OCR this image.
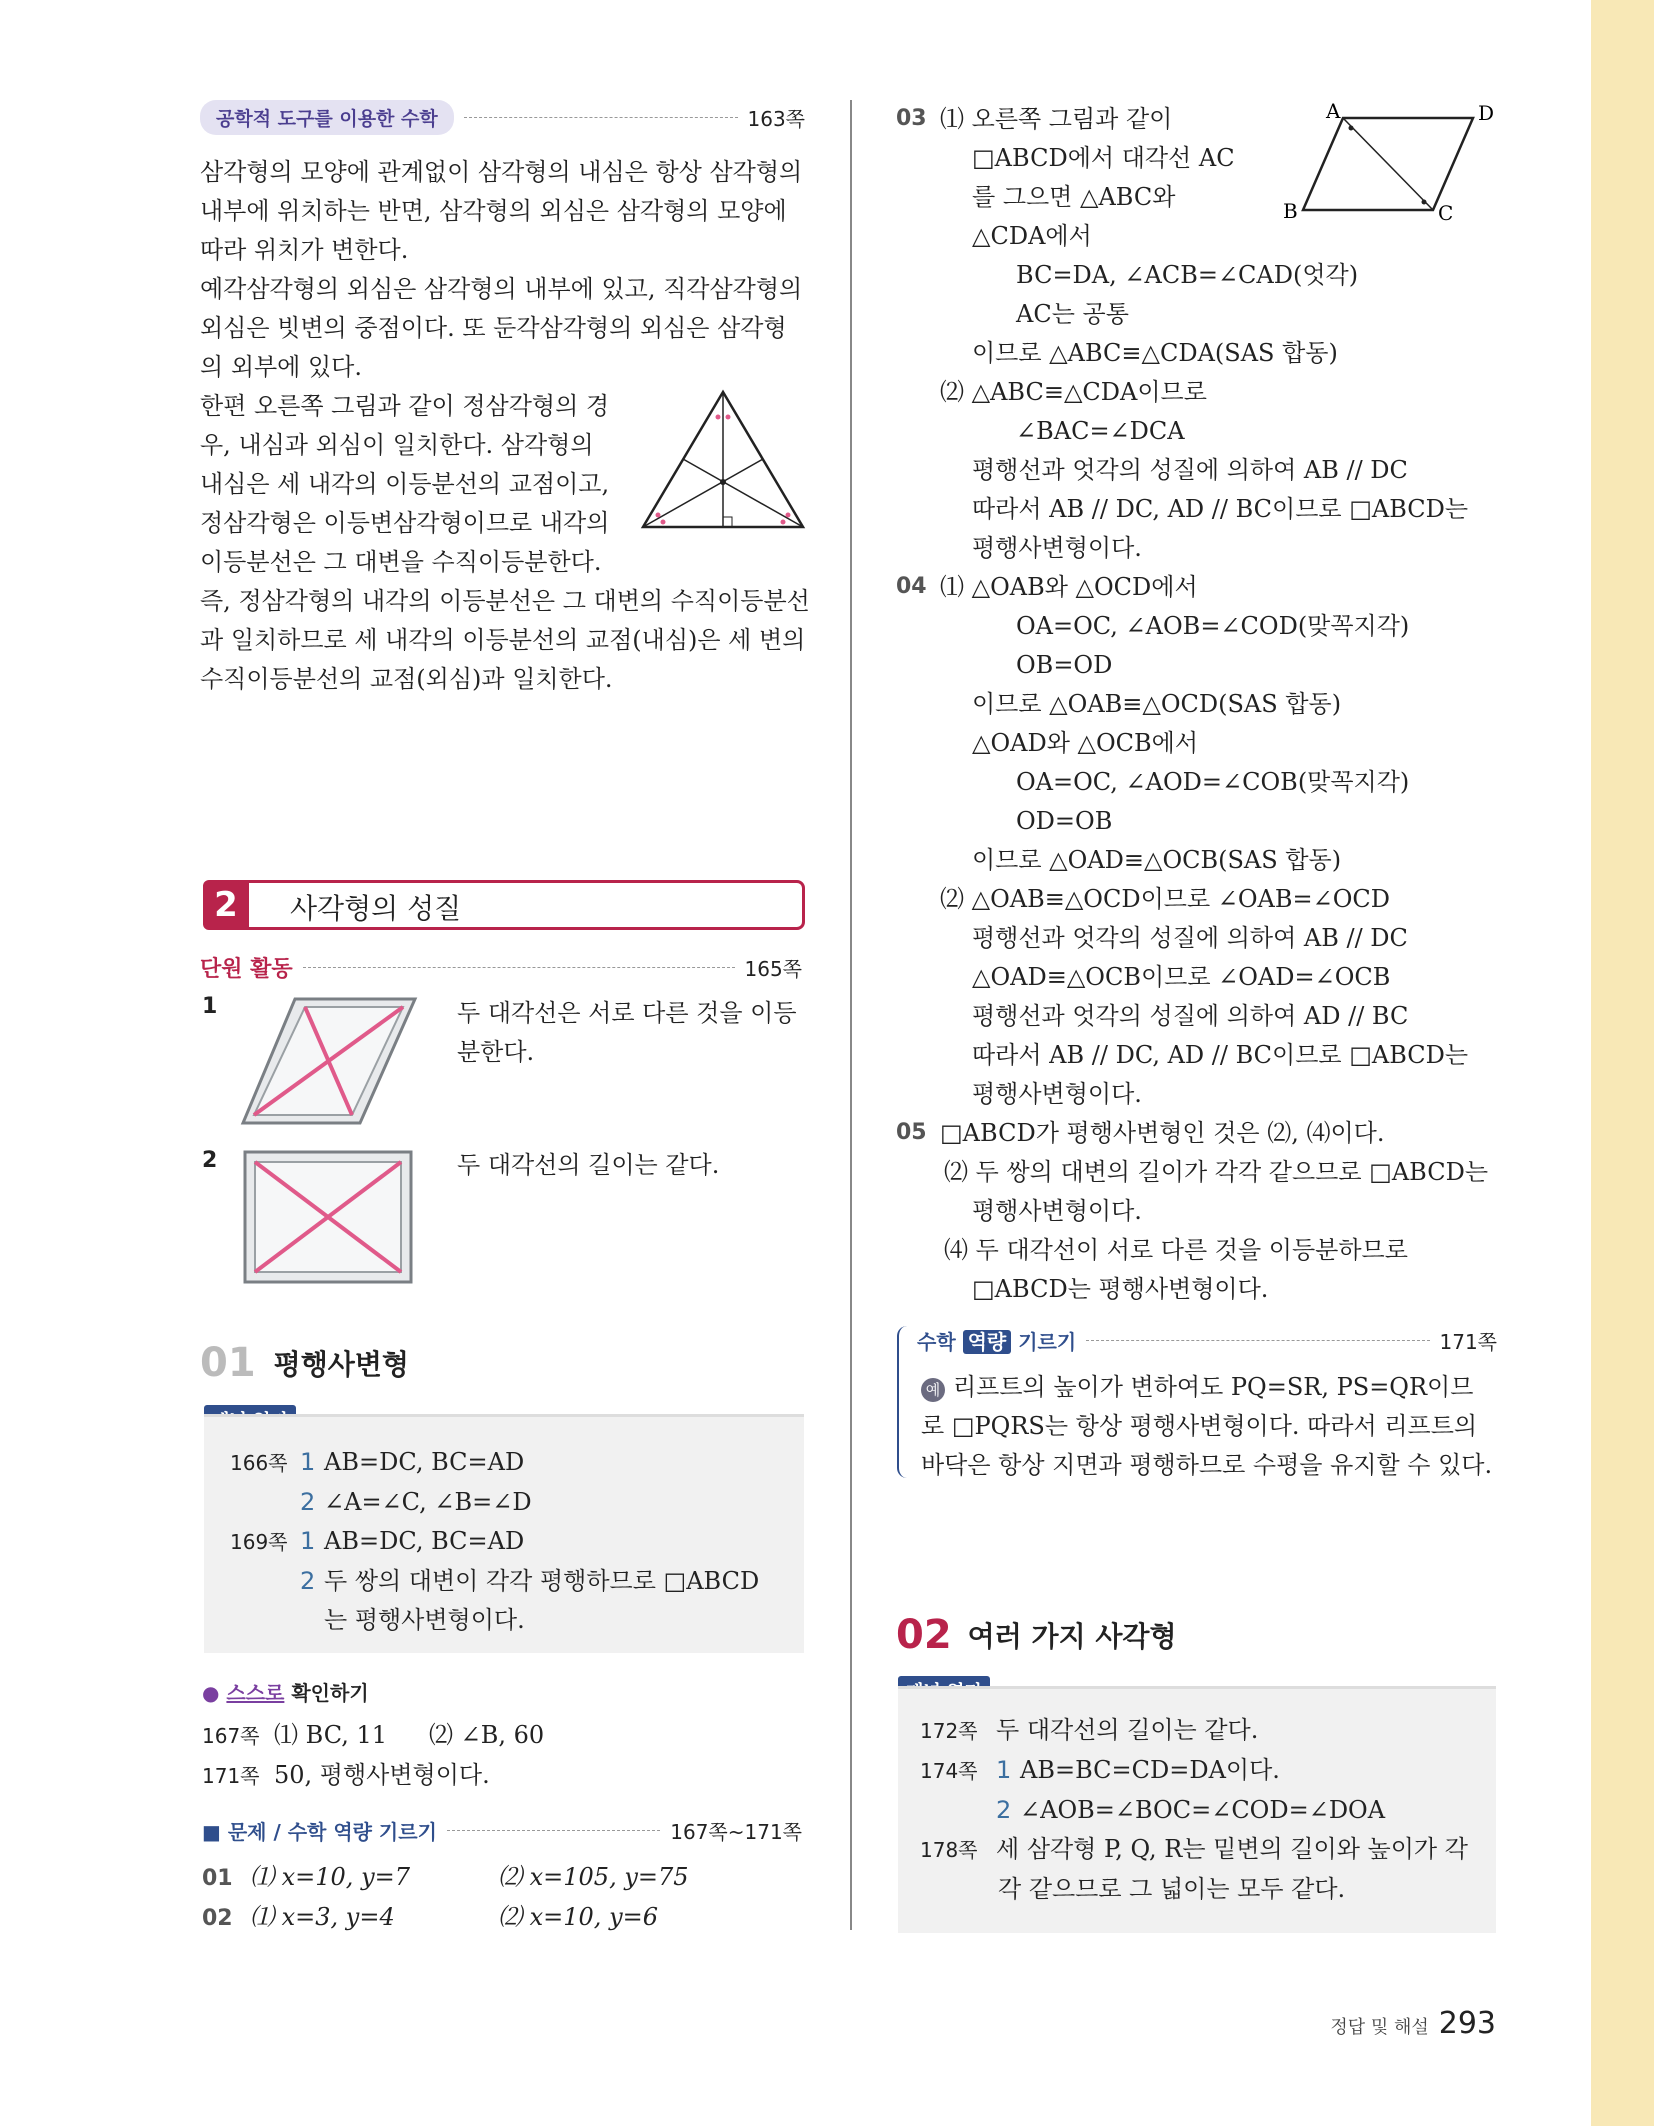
공학적 도구를 이용한 수학	163쪽
삼각형의 모양에 관계없이 삼각형의 내심은 항상 삼각형의
내부에 위치하는 반면, 삼각형의 외심은 삼각형의 모양에
따라 위치가 변한다.
예각삼각형의 외심은 삼각형의 내부에 있고, 직각삼각형의
외심은 빗변의 중점이다. 또 둔각삼각형의 외심은 삼각형
의 외부에 있다.
한편 오른쪽 그림과 같이 정삼각형의 경
우, 내심과 외심이 일치한다. 삼각형의
내심은 세 내각의 이등분선의 교점이고,
정삼각형은 이등변삼각형이므로 내각의
이등분선은 그 대변을 수직이등분한다.
즉, 정삼각형의 내각의 이등분선은 그 대변의 수직이등분선
과 일치하므로 세 내각의 이등분선의 교점(내심)은 세 변의
수직이등분선의 교점(외심)과 일치한다.
2	사각형의 성질
단원 활동	165쪽
1	두 대각선은 서로 다른 것을 이등
분한다.
2	두 대각선의 길이는 같다.
01 평행사변형
166쪽 1 AB=DC, BC=AD
2 ∠A=∠C, ∠B=∠D
169쪽 1 AB=DC, BC=AD
2 두 쌍의 대변이 각각 평행하므로 □ABCD
는 평행사변형이다.
● 스스로 확인하기
167쪽 ⑴ BC, 11 ⑵ ∠B, 60
171쪽 50, 평행사변형이다.
■ 문제 / 수학 역량 기르기	167쪽~171쪽
01 ⑴ x=10, y=7	⑵ x=105, y=75
02 ⑴ x=3, y=4	⑵ x=10, y=6
03 ⑴ 오른쪽 그림과 같이
□ABCD에서 대각선 AC
를 그으면 △ABC와
△CDA에서
BC=DA, ∠ACB=∠CAD(엇각)
AC는 공통
이므로 △ABC≡△CDA(SAS 합동)
⑵ △ABC≡△CDA이므로
∠BAC=∠DCA
평행선과 엇각의 성질에 의하여 AB // DC
따라서 AB // DC, AD // BC이므로 □ABCD는
평행사변형이다.
A	D
B	C
04 ⑴ △OAB와 △OCD에서
OA=OC, ∠AOB=∠COD(맞꼭지각)
OB=OD
이므로 △OAB≡△OCD(SAS 합동)
△OAD와 △OCB에서
OA=OC, ∠AOD=∠COB(맞꼭지각)
OD=OB
이므로 △OAD≡△OCB(SAS 합동)
⑵ △OAB≡△OCD이므로 ∠OAB=∠OCD
평행선과 엇각의 성질에 의하여 AB // DC
△OAD≡△OCB이므로 ∠OAD=∠OCB
평행선과 엇각의 성질에 의하여 AD // BC
따라서 AB // DC, AD // BC이므로 □ABCD는
평행사변형이다.
05 □ABCD가 평행사변형인 것은 ⑵, ⑷이다.
⑵ 두 쌍의 대변의 길이가 각각 같으므로 □ABCD는
평행사변형이다.
⑷ 두 대각선이 서로 다른 것을 이등분하므로
□ABCD는 평행사변형이다.
수학 역량 기르기	171쪽
예 리프트의 높이가 변하여도 PQ=SR, PS=QR이므
로 □PQRS는 항상 평행사변형이다. 따라서 리프트의
바닥은 항상 지면과 평행하므로 수평을 유지할 수 있다.
02 여러 가지 사각형
172쪽 두 대각선의 길이는 같다.
174쪽 1 AB=BC=CD=DA이다.
2 ∠AOB=∠BOC=∠COD=∠DOA
178쪽 세 삼각형 P, Q, R는 밑변의 길이와 높이가 각
각 같으므로 그 넓이는 모두 같다.
정답 및 해설 293
